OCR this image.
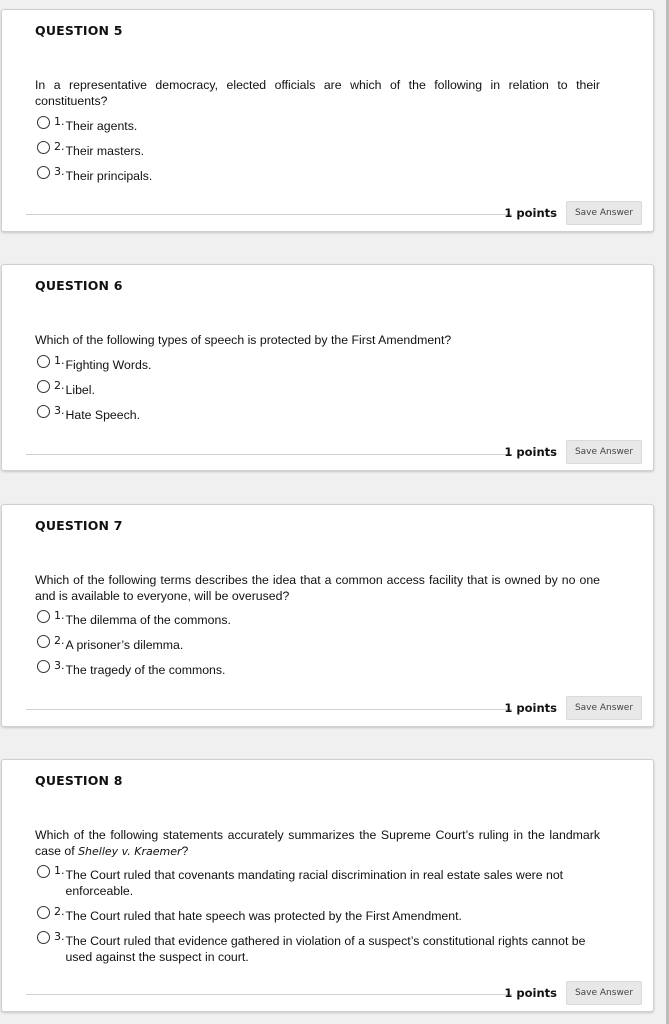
QUESTION 5
In a representative democracy, elected officials are which of the following in relation to their constituents?
1. Their agents.
2. Their masters.
3. Their principals.
1 points	Save Answer
QUESTION 6
Which of the following types of speech is protected by the First Amendment?
1. Fighting Words.
2. Libel.
3. Hate Speech.
1 points	Save Answer
QUESTION 7
Which of the following terms describes the idea that a common access facility that is owned by no one and is available to everyone, will be overused?
1. The dilemma of the commons.
2. A prisoner’s dilemma.
3. The tragedy of the commons.
1 points	Save Answer
QUESTION 8
Which of the following statements accurately summarizes the Supreme Court’s ruling in the landmark case of Shelley v. Kraemer?
1. The Court ruled that covenants mandating racial discrimination in real estate sales were not enforceable.
2. The Court ruled that hate speech was protected by the First Amendment.
3. The Court ruled that evidence gathered in violation of a suspect’s constitutional rights cannot be used against the suspect in court.
1 points	Save Answer
